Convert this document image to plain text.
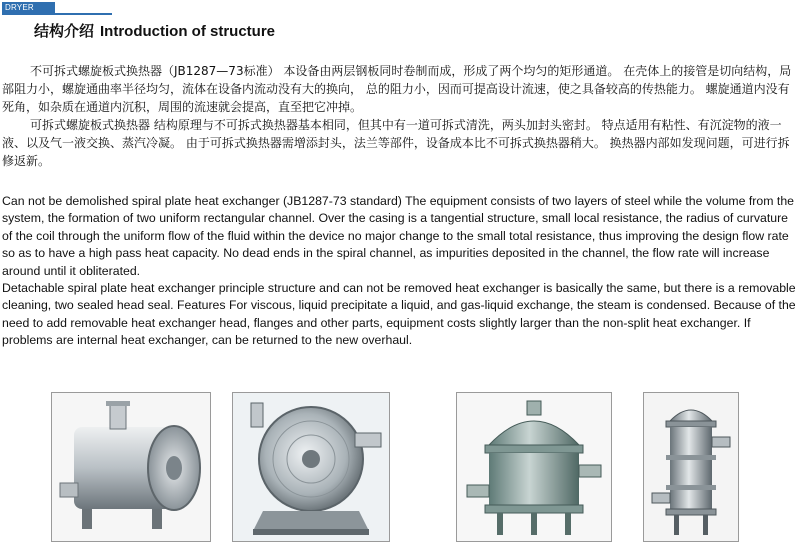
DRYER
结构介绍 Introduction of structure

不可拆式螺旋板式换热器（JB1287—73标准） 本设备由两层钢板同时卷制而成，形成了两个均匀的矩形通道。 在壳体上的接管是切向结构，局部阻力小，螺旋通曲率半径均匀，流体在设备内流动没有大的换向， 总的阻力小，因而可提高设计流速，使之具备较高的传热能力。 螺旋通道内没有死角，如杂质在通道内沉积，周围的流速就会提高，直至把它冲掉。

可拆式螺旋板式换热器 结构原理与不可拆式换热器基本相同，但其中有一道可拆式清洗，两头加封头密封。 特点适用有粘性、有沉淀物的液一液、以及气一液交换、蒸汽冷凝。 由于可拆式换热器需增添封头，法兰等部件，设备成本比不可拆式换热器稍大。 换热器内部如发现问题，可进行拆修返新。

Can not be demolished spiral plate heat exchanger (JB1287-73 standard) The equipment consists of two layers of steel while the volume from the system, the formation of two uniform rectangular channel. Over the casing is a tangential structure, small local resistance, the radius of curvature of the coil through the uniform flow of the fluid within the device no major change to the small total resistance, thus improving the design flow rate so as to have a high pass heat capacity. No dead ends in the spiral channel, as impurities deposited in the channel, the flow rate will increase around until it obliterated.

Detachable spiral plate heat exchanger principle structure and can not be removed heat exchanger is basically the same, but there is a removable cleaning, two sealed head seal. Features For viscous, liquid precipitate a liquid, and gas-liquid exchange, the steam is condensed. Because of the need to add removable heat exchanger head, flanges and other parts, equipment costs slightly larger than the non-split heat exchanger. If problems are internal heat exchanger, can be returned to the new overhaul.
